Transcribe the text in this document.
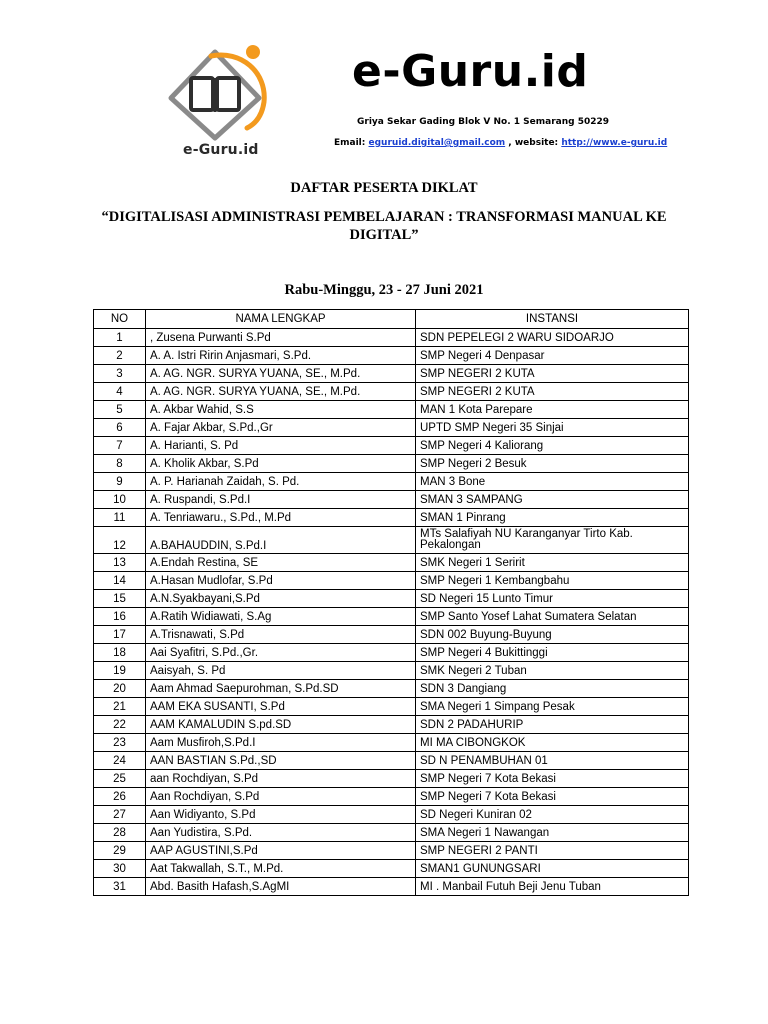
e-Guru.id
e-Guru.id
Griya Sekar Gading Blok V No. 1 Semarang 50229
Email: eguruid.digital@gmail.com , website: http://www.e-guru.id
DAFTAR PESERTA DIKLAT
“DIGITALISASI ADMINISTRASI PEMBELAJARAN : TRANSFORMASI MANUAL KE DIGITAL”
Rabu-Minggu, 23 - 27 Juni 2021
NO	NAMA LENGKAP	INSTANSI
1	, Zusena Purwanti S.Pd	SDN PEPELEGI 2 WARU SIDOARJO
2	A. A. Istri Ririn Anjasmari, S.Pd.	SMP Negeri 4 Denpasar
3	A. AG. NGR. SURYA YUANA, SE., M.Pd.	SMP NEGERI 2 KUTA
4	A. AG. NGR. SURYA YUANA, SE., M.Pd.	SMP NEGERI 2 KUTA
5	A. Akbar Wahid, S.S	MAN 1 Kota Parepare
6	A. Fajar Akbar, S.Pd.,Gr	UPTD SMP Negeri 35 Sinjai
7	A. Harianti, S. Pd	SMP Negeri 4 Kaliorang
8	A. Kholik Akbar, S.Pd	SMP Negeri 2 Besuk
9	A. P. Harianah Zaidah, S. Pd.	MAN 3 Bone
10	A. Ruspandi, S.Pd.I	SMAN 3 SAMPANG
11	A. Tenriawaru., S.Pd., M.Pd	SMAN 1 Pinrang
12	A.BAHAUDDIN, S.Pd.I	MTs Salafiyah NU Karanganyar Tirto Kab. Pekalongan
13	A.Endah Restina, SE	SMK Negeri 1 Seririt
14	A.Hasan Mudlofar, S.Pd	SMP Negeri 1 Kembangbahu
15	A.N.Syakbayani,S.Pd	SD Negeri 15 Lunto Timur
16	A.Ratih Widiawati, S.Ag	SMP Santo Yosef Lahat Sumatera Selatan
17	A.Trisnawati, S.Pd	SDN 002 Buyung-Buyung
18	Aai Syafitri, S.Pd.,Gr.	SMP Negeri 4 Bukittinggi
19	Aaisyah, S. Pd	SMK Negeri 2 Tuban
20	Aam Ahmad Saepurohman, S.Pd.SD	SDN 3 Dangiang
21	AAM EKA SUSANTI, S.Pd	SMA Negeri 1 Simpang Pesak
22	AAM KAMALUDIN S.pd.SD	SDN 2 PADAHURIP
23	Aam Musfiroh,S.Pd.I	MI MA CIBONGKOK
24	AAN BASTIAN S.Pd.,SD	SD N PENAMBUHAN 01
25	aan Rochdiyan, S.Pd	SMP Negeri 7 Kota Bekasi
26	Aan Rochdiyan, S.Pd	SMP Negeri 7 Kota Bekasi
27	Aan Widiyanto, S.Pd	SD Negeri Kuniran 02
28	Aan Yudistira, S.Pd.	SMA Negeri 1 Nawangan
29	AAP AGUSTINI,S.Pd	SMP NEGERI 2 PANTI
30	Aat Takwallah, S.T., M.Pd.	SMAN1 GUNUNGSARI
31	Abd. Basith Hafash,S.AgMI	MI . Manbail Futuh Beji Jenu Tuban
